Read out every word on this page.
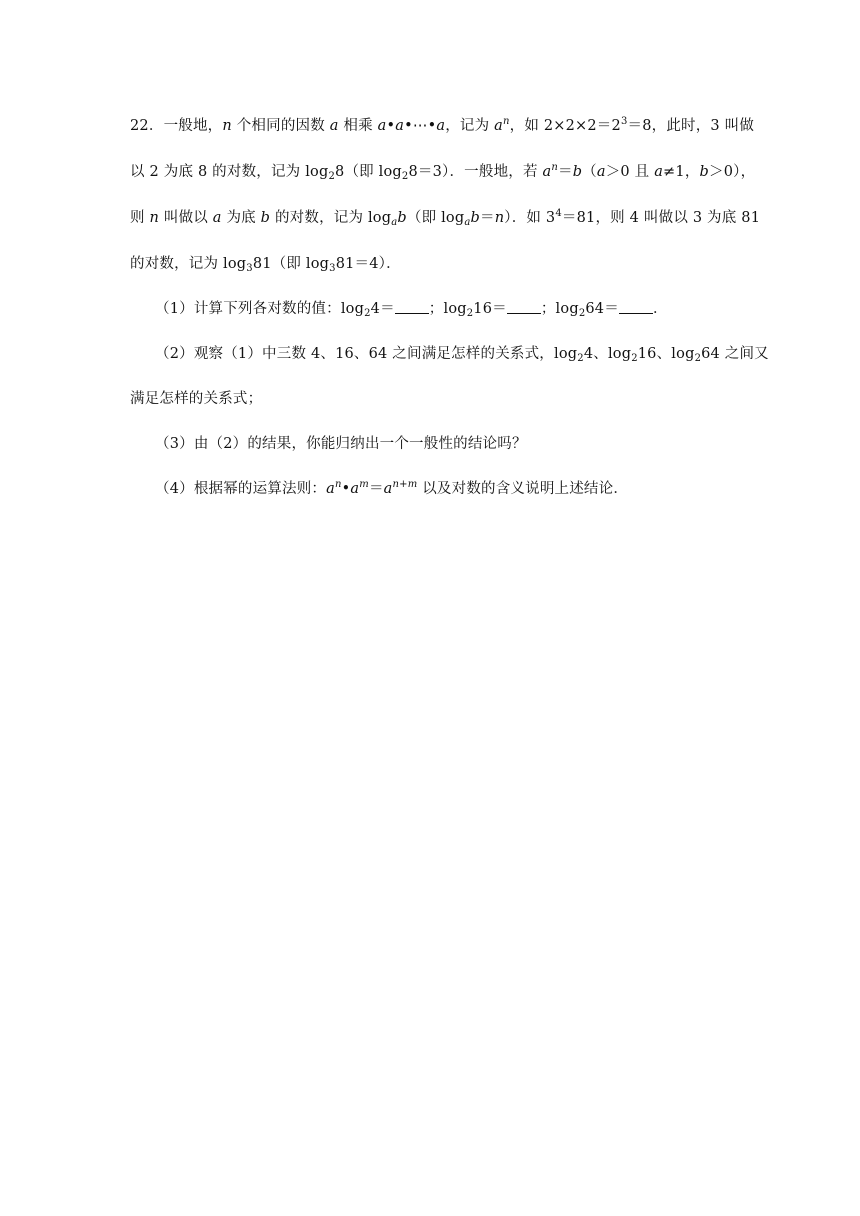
22．一般地，n 个相同的因数 a 相乘 a•a•⋯•a，记为 $a^n$，如 $2\times 2\times 2=2^3=8$，此时，3 叫做
以 2 为底 8 的对数，记为 $\log_28$（即 $\log_28=3$）．一般地，若 $a^n=b(a>0$ 且 a≠1，b＞0），
则 n 叫做以 a 为底 b 的对数，记为 $\log_ab$（即 $\log_ab=n$）．如 $3^4=81$，则 4 叫做以 3 为底 81
的对数，记为 $\log_381$（即 $\log_381=4$）．
（1）计算下列各对数的值：$\log_24=$ ；$\log_216=$ ；$\log_264=$ ．
（2）观察（1）中三数 4、16、64 之间满足怎样的关系式，$\log_24$、$\log_216$、$\log_264$ 之间又
满足怎样的关系式；
（3）由（2）的结果，你能归纳出一个一般性的结论吗？
（4）根据幂的运算法则：$a^n•a^m=a^{n+m}$ 以及对数的含义说明上述结论．
